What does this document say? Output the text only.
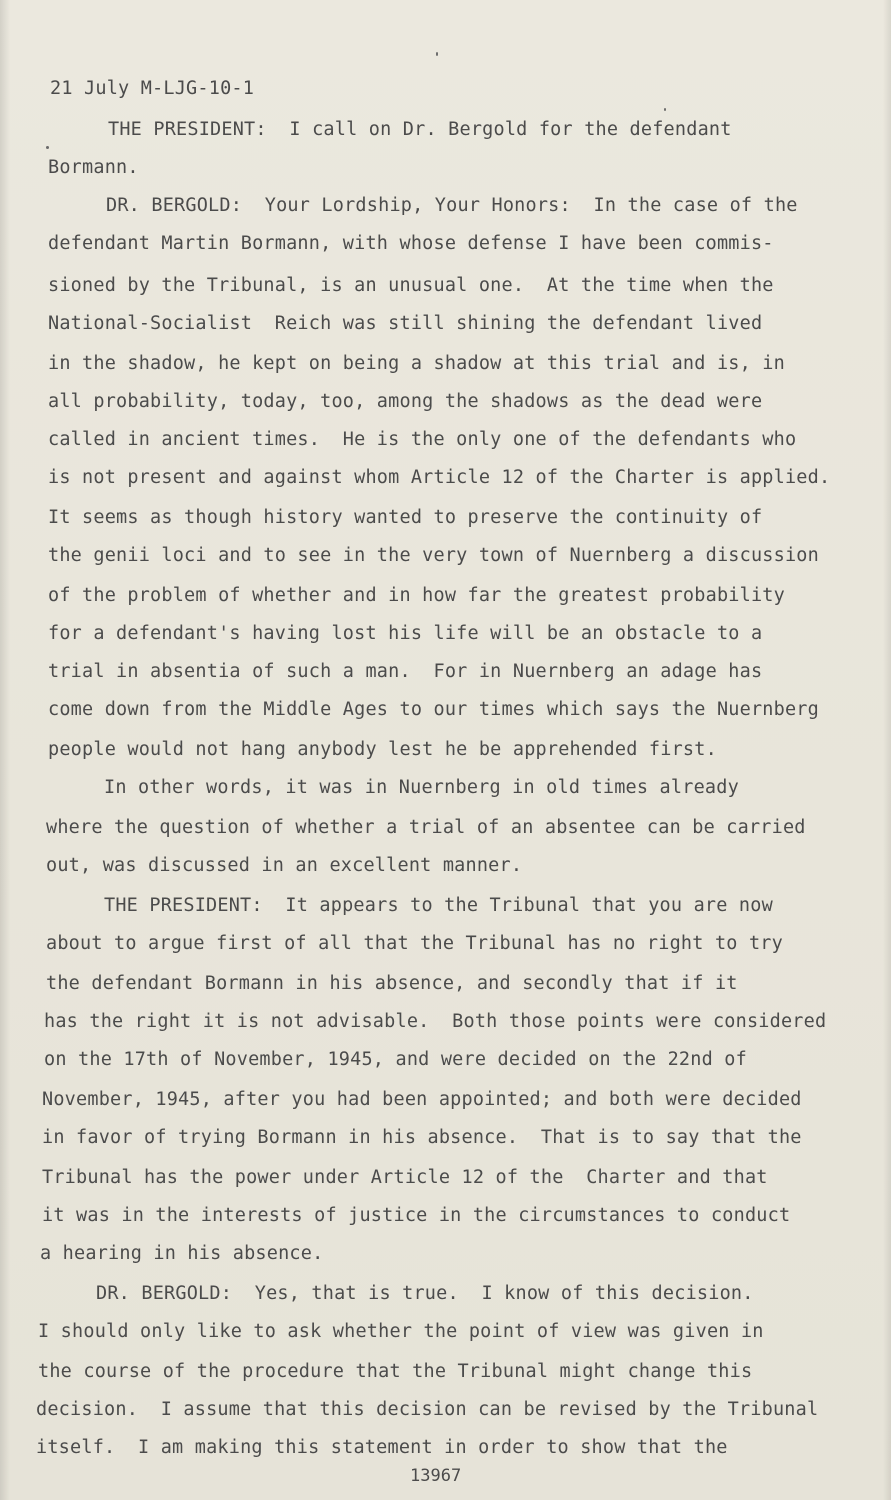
21 July M-LJG-10-1
THE PRESIDENT:  I call on Dr. Bergold for the defendant
Bormann.
DR. BERGOLD:  Your Lordship, Your Honors:  In the case of the
defendant Martin Bormann, with whose defense I have been commis-
sioned by the Tribunal, is an unusual one.  At the time when the
National-Socialist  Reich was still shining the defendant lived
in the shadow, he kept on being a shadow at this trial and is, in
all probability, today, too, among the shadows as the dead were
called in ancient times.  He is the only one of the defendants who
is not present and against whom Article 12 of the Charter is applied.
It seems as though history wanted to preserve the continuity of
the genii loci and to see in the very town of Nuernberg a discussion
of the problem of whether and in how far the greatest probability
for a defendant's having lost his life will be an obstacle to a
trial in absentia of such a man.  For in Nuernberg an adage has
come down from the Middle Ages to our times which says the Nuernberg
people would not hang anybody lest he be apprehended first.
In other words, it was in Nuernberg in old times already
where the question of whether a trial of an absentee can be carried
out, was discussed in an excellent manner.
THE PRESIDENT:  It appears to the Tribunal that you are now
about to argue first of all that the Tribunal has no right to try
the defendant Bormann in his absence, and secondly that if it
has the right it is not advisable.  Both those points were considered
on the 17th of November, 1945, and were decided on the 22nd of
November, 1945, after you had been appointed; and both were decided
in favor of trying Bormann in his absence.  That is to say that the
Tribunal has the power under Article 12 of the  Charter and that
it was in the interests of justice in the circumstances to conduct
a hearing in his absence.
DR. BERGOLD:  Yes, that is true.  I know of this decision.
I should only like to ask whether the point of view was given in
the course of the procedure that the Tribunal might change this
decision.  I assume that this decision can be revised by the Tribunal
itself.  I am making this statement in order to show that the
13967
